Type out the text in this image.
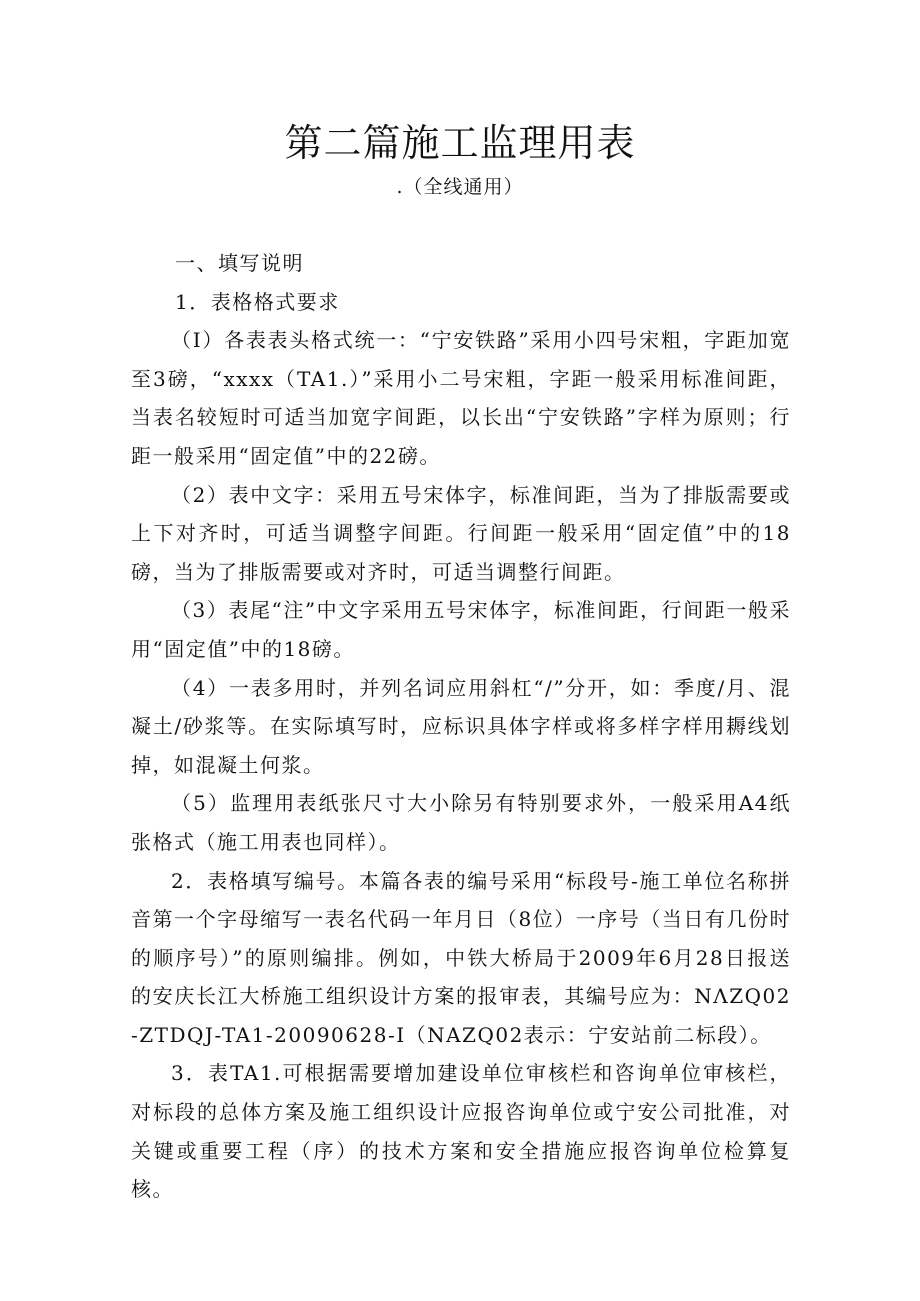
第二篇施工监理用表
.（全线通用）

一、填写说明

1．表格格式要求

（I）各表表头格式统一：“宁安铁路”采用小四号宋粗，字距加宽至3磅，“xxxx（TA1.）”采用小二号宋粗，字距一般采用标准间距，当表名较短时可适当加宽字间距，以长出“宁安铁路”字样为原则；行距一般采用“固定值”中的22磅。

（2）表中文字：采用五号宋体字，标准间距，当为了排版需要或上下对齐时，可适当调整字间距。行间距一般采用“固定值”中的18磅，当为了排版需要或对齐时，可适当调整行间距。

（3）表尾“注”中文字采用五号宋体字，标准间距，行间距一般采用“固定值”中的18磅。

（4）一表多用时，并列名词应用斜杠“/”分开，如：季度/月、混凝土/砂浆等。在实际填写时，应标识具体字样或将多样字样用耨线划掉，如混凝土何浆。

（5）监理用表纸张尺寸大小除另有特别要求外，一般采用A4纸张格式（施工用表也同样）。

2．表格填写编号。本篇各表的编号采用“标段号-施工单位名称拼音第一个字母缩写一表名代码一年月日（8位）一序号（当日有几份时的顺序号）”的原则编排。例如，中铁大桥局于2009年6月28日报送的安庆长江大桥施工组织设计方案的报审表，其编号应为：NΛZQ02-ZTDQJ-TA1-20090628-I（NAZQ02表示：宁安站前二标段）。

3．表TA1.可根据需要增加建设单位审核栏和咨询单位审核栏，对标段的总体方案及施工组织设计应报咨询单位或宁安公司批准，对关键或重要工程（序）的技术方案和安全措施应报咨询单位检算复核。
